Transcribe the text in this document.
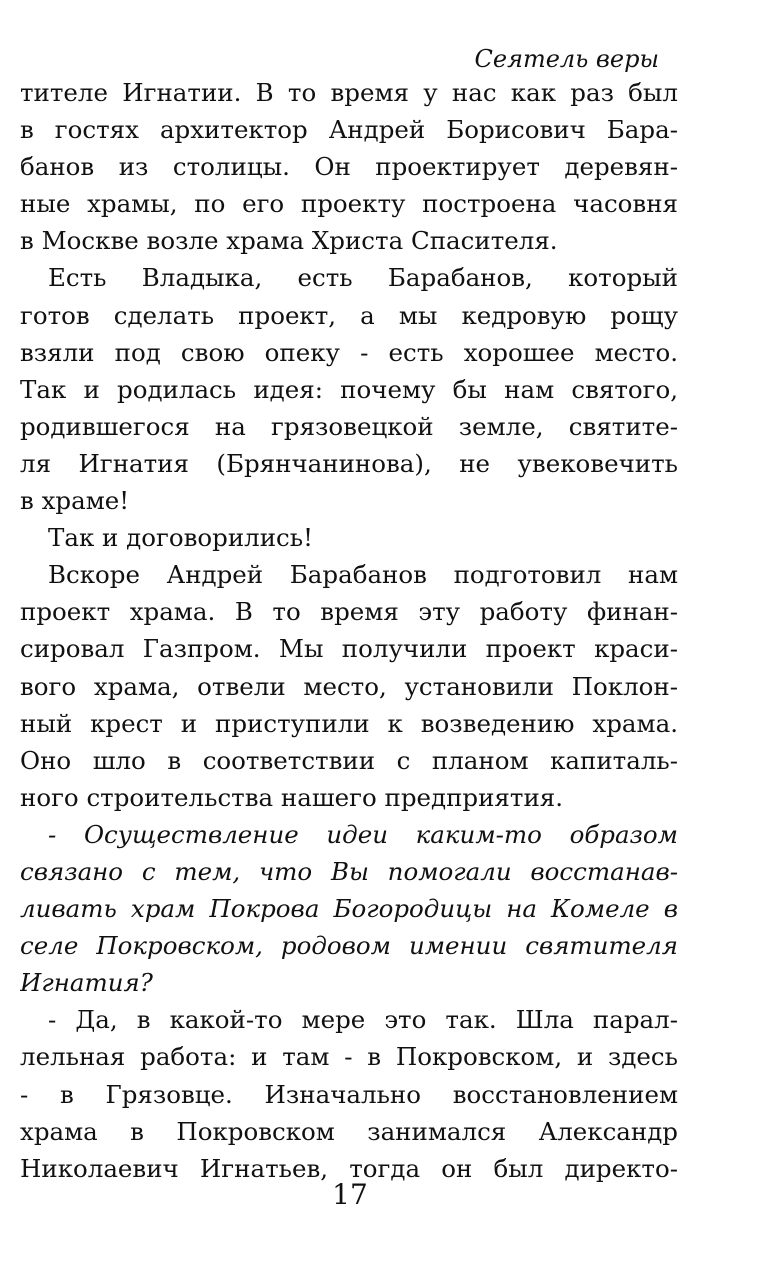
Сеятель веры
тителе Игнатии. В то время у нас как раз был
в гостях архитектор Андрей Борисович Бара-
банов из столицы. Он проектирует деревян-
ные храмы, по его проекту построена часовня
в Москве возле храма Христа Спасителя.
Есть Владыка, есть Барабанов, который
готов сделать проект, а мы кедровую рощу
взяли под свою опеку - есть хорошее место.
Так и родилась идея: почему бы нам святого,
родившегося на грязовецкой земле, святите-
ля Игнатия (Брянчанинова), не увековечить
в храме!
Так и договорились!
Вскоре Андрей Барабанов подготовил нам
проект храма. В то время эту работу финан-
сировал Газпром. Мы получили проект краси-
вого храма, отвели место, установили Поклон-
ный крест и приступили к возведению храма.
Оно шло в соответствии с планом капиталь-
ного строительства нашего предприятия.
- Осуществление идеи каким-то образом
связано с тем, что Вы помогали восстанав-
ливать храм Покрова Богородицы на Комеле в
селе Покровском, родовом имении святителя
Игнатия?
- Да, в какой-то мере это так. Шла парал-
лельная работа: и там - в Покровском, и здесь
- в Грязовце. Изначально восстановлением
храма в Покровском занимался Александр
Николаевич Игнатьев, тогда он был директо-
17
